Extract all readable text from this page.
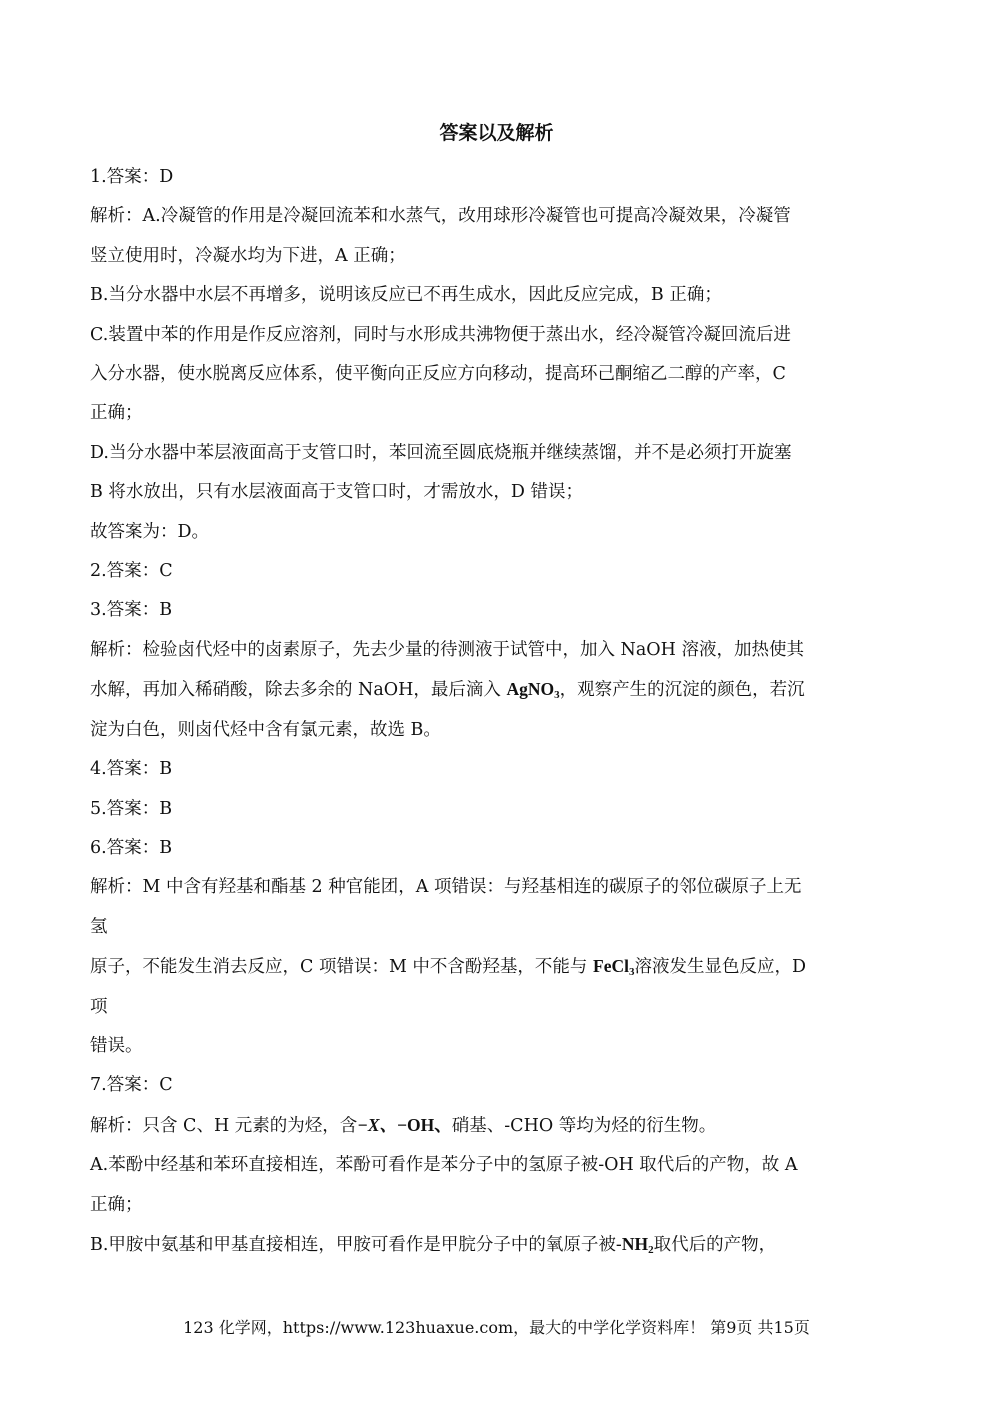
答案以及解析
1.答案：D
解析：A.冷凝管的作用是冷凝回流苯和水蒸气，改用球形冷凝管也可提高冷凝效果，冷凝管
竖立使用时，冷凝水均为下进，A 正确；
B.当分水器中水层不再增多，说明该反应已不再生成水，因此反应完成，B 正确；
C.装置中苯的作用是作反应溶剂，同时与水形成共沸物便于蒸出水，经冷凝管冷凝回流后进
入分水器，使水脱离反应体系，使平衡向正反应方向移动，提高环己酮缩乙二醇的产率，C
正确；
D.当分水器中苯层液面高于支管口时，苯回流至圆底烧瓶并继续蒸馏，并不是必须打开旋塞
B 将水放出，只有水层液面高于支管口时，才需放水，D 错误；
故答案为：D。
2.答案：C
3.答案：B
解析：检验卤代烃中的卤素原子，先去少量的待测液于试管中，加入 NaOH 溶液，加热使其
水解，再加入稀硝酸，除去多余的 NaOH，最后滴入 AgNO$_3$，观察产生的沉淀的颜色，若沉
淀为白色，则卤代烃中含有氯元素，故选 B。
4.答案：B
5.答案：B
6.答案：B
解析：M 中含有羟基和酯基 2 种官能团，A 项错误：与羟基相连的碳原子的邻位碳原子上无
氢
原子，不能发生消去反应，C 项错误：M 中不含酚羟基，不能与 FeCl$_3$溶液发生显色反应，D
项
错误。
7.答案：C
解析：只含 C、H 元素的为烃，含−X、−OH、硝基、-CHO 等均为烃的衍生物。
A.苯酚中经基和苯环直接相连，苯酚可看作是苯分子中的氢原子被-OH 取代后的产物，故 A
正确；
B.甲胺中氨基和甲基直接相连，甲胺可看作是甲脘分子中的氧原子被$-NH_2$取代后的产物，
123 化学网，https://www.123huaxue.com，最大的中学化学资料库！ 第9页 共15页
